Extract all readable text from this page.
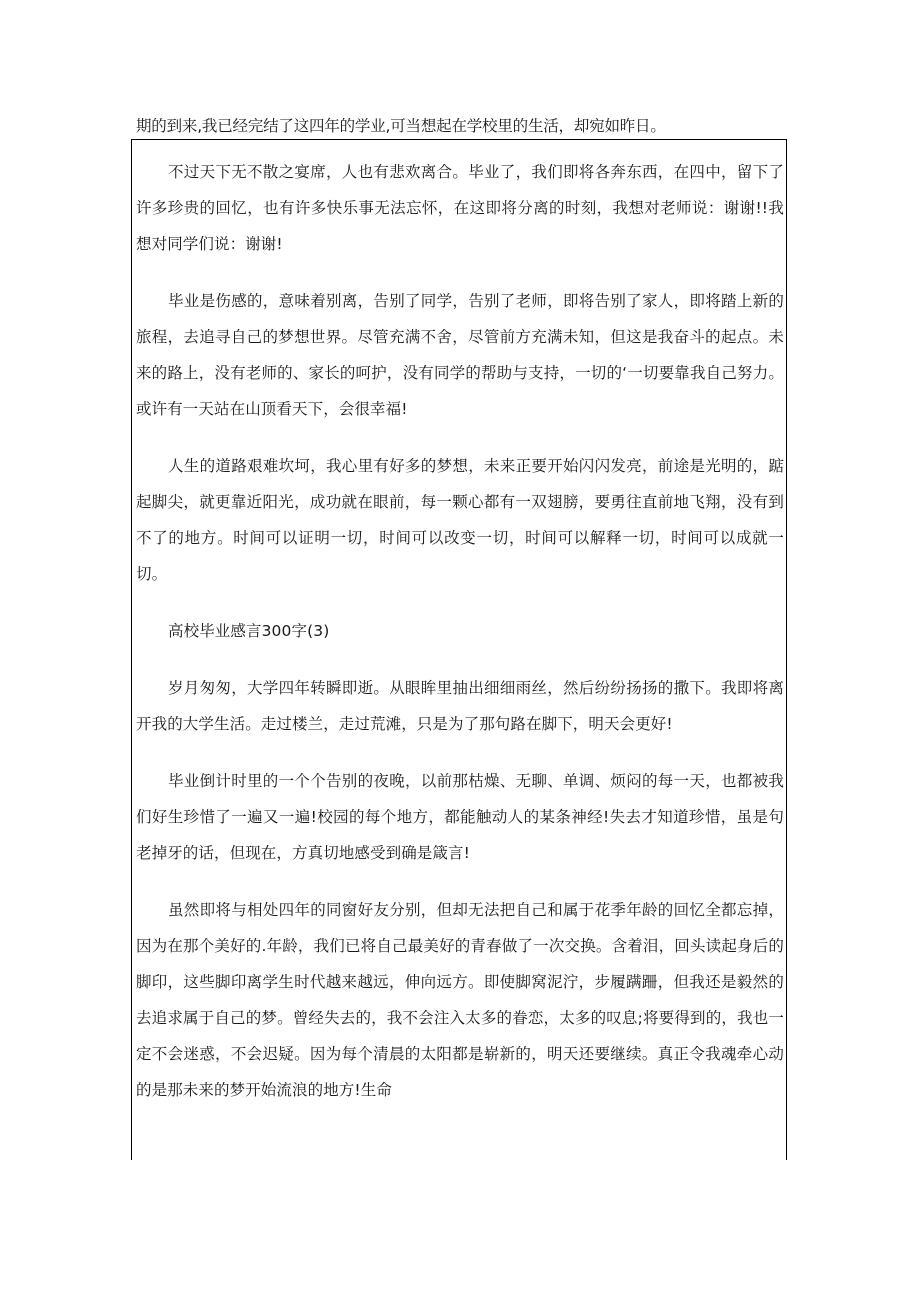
期的到来,我已经完结了这四年的学业,可当想起在学校里的生活，却宛如昨日。

不过天下无不散之宴席，人也有悲欢离合。毕业了，我们即将各奔东西，在四中，留下了许多珍贵的回忆，也有许多快乐事无法忘怀，在这即将分离的时刻，我想对老师说：谢谢!!我想对同学们说：谢谢!

毕业是伤感的，意味着别离，告别了同学，告别了老师，即将告别了家人，即将踏上新的旅程，去追寻自己的梦想世界。尽管充满不舍，尽管前方充满未知，但这是我奋斗的起点。未来的路上，没有老师的、家长的呵护，没有同学的帮助与支持，一切的‘一切要靠我自己努力。或许有一天站在山顶看天下，会很幸福!

人生的道路艰难坎坷，我心里有好多的梦想，未来正要开始闪闪发亮，前途是光明的，踮起脚尖，就更靠近阳光，成功就在眼前，每一颗心都有一双翅膀，要勇往直前地飞翔，没有到不了的地方。时间可以证明一切，时间可以改变一切，时间可以解释一切，时间可以成就一切。

高校毕业感言300字(3)

岁月匆匆，大学四年转瞬即逝。从眼眸里抽出细细雨丝，然后纷纷扬扬的撒下。我即将离开我的大学生活。走过楼兰，走过荒滩，只是为了那句路在脚下，明天会更好!

毕业倒计时里的一个个告别的夜晚，以前那枯燥、无聊、单调、烦闷的每一天，也都被我们好生珍惜了一遍又一遍!校园的每个地方，都能触动人的某条神经!失去才知道珍惜，虽是句老掉牙的话，但现在，方真切地感受到确是箴言!

虽然即将与相处四年的同窗好友分别，但却无法把自己和属于花季年龄的回忆全都忘掉，因为在那个美好的.年龄，我们已将自己最美好的青春做了一次交换。含着泪，回头读起身后的脚印，这些脚印离学生时代越来越远，伸向远方。即使脚窝泥泞，步履蹒跚，但我还是毅然的去追求属于自己的梦。曾经失去的，我不会注入太多的眷恋，太多的叹息;将要得到的，我也一定不会迷惑，不会迟疑。因为每个清晨的太阳都是崭新的，明天还要继续。真正令我魂牵心动的是那未来的梦开始流浪的地方!生命
